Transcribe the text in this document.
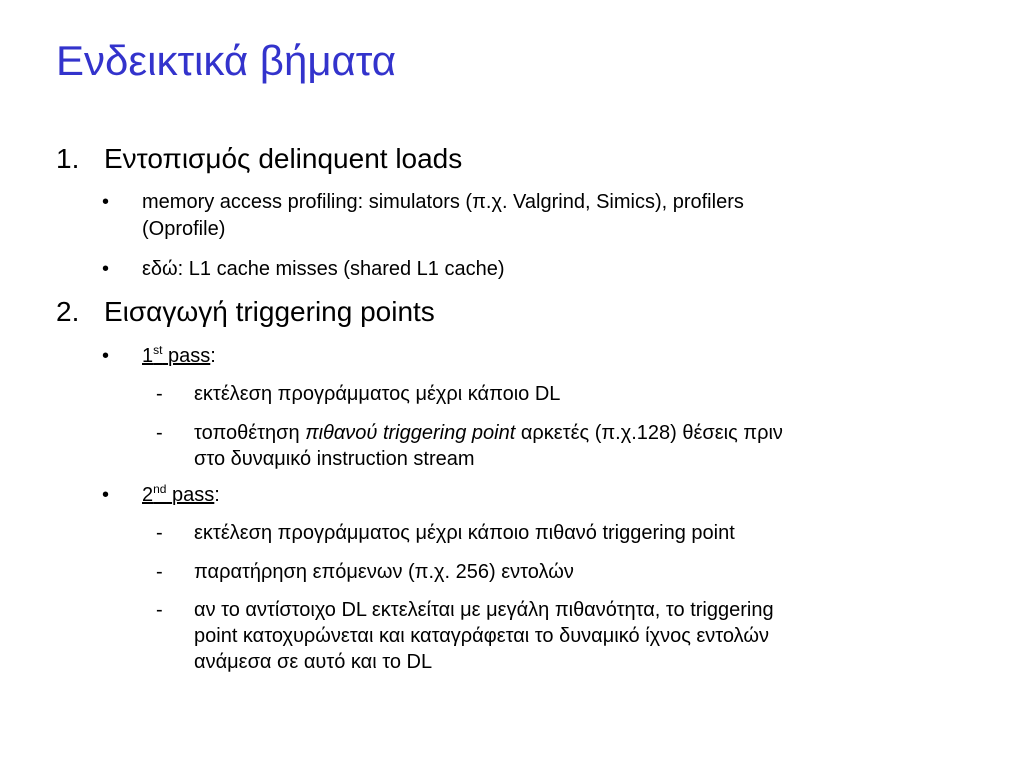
Ενδεικτικά βήματα
1. Εντοπισμός delinquent loads
• memory access profiling: simulators (π.χ. Valgrind, Simics), profilers
(Oprofile)
• εδώ: L1 cache misses (shared L1 cache)
2. Εισαγωγή triggering points
• 1st pass:
- εκτέλεση προγράμματος μέχρι κάποιο DL
- τοποθέτηση πιθανού triggering point αρκετές (π.χ.128) θέσεις πριν
στο δυναμικό instruction stream
• 2nd pass:
- εκτέλεση προγράμματος μέχρι κάποιο πιθανό triggering point
- παρατήρηση επόμενων (π.χ. 256) εντολών
- αν το αντίστοιχο DL εκτελείται με μεγάλη πιθανότητα, το triggering
point κατοχυρώνεται και καταγράφεται το δυναμικό ίχνος εντολών
ανάμεσα σε αυτό και το DL
